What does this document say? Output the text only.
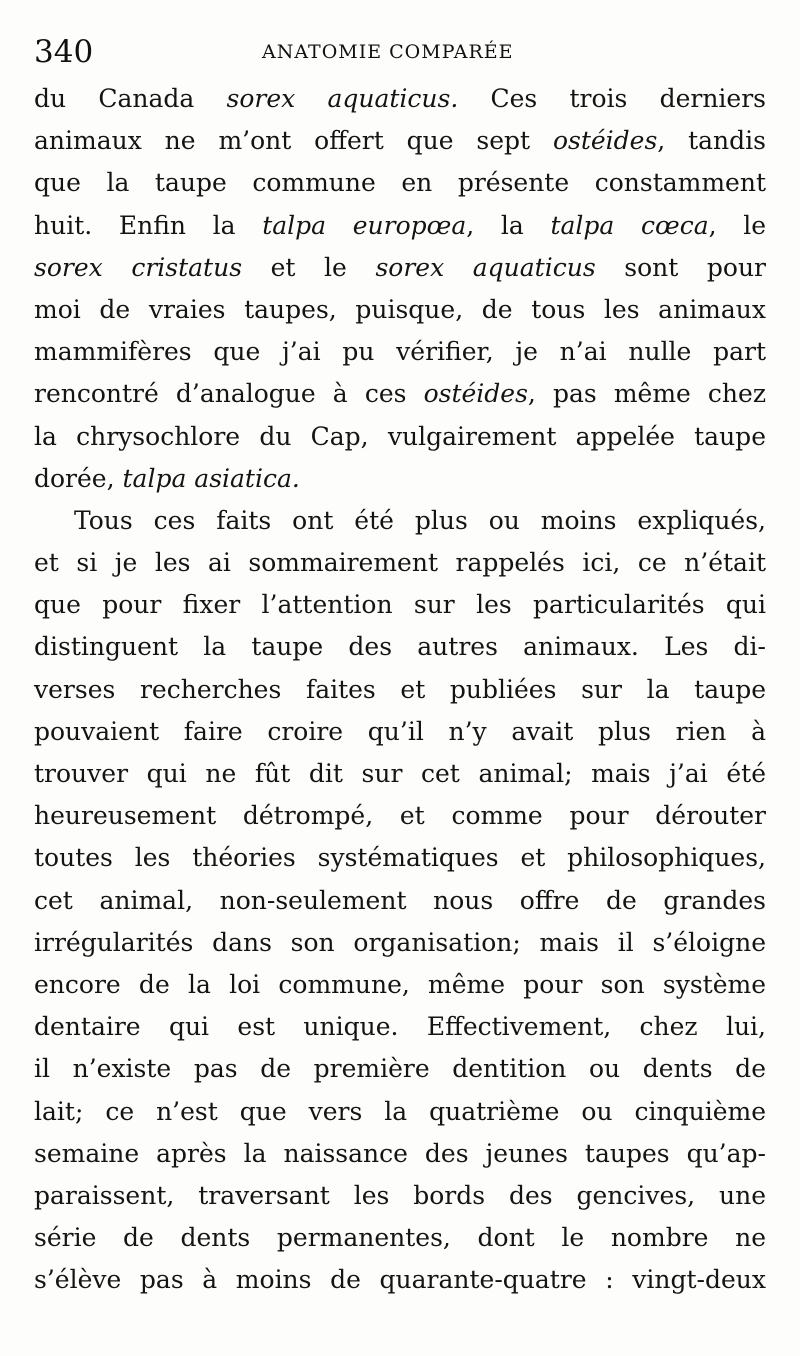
340	ANATOMIE COMPARÉE
du Canada sorex aquaticus. Ces trois derniers
animaux ne m’ont offert que sept ostéides, tandis
que la taupe commune en présente constamment
huit. Enfin la talpa europœa, la talpa cœca, le
sorex cristatus et le sorex aquaticus sont pour
moi de vraies taupes, puisque, de tous les animaux
mammifères que j’ai pu vérifier, je n’ai nulle part
rencontré d’analogue à ces ostéides, pas même chez
la chrysochlore du Cap, vulgairement appelée taupe
dorée, talpa asiatica.
Tous ces faits ont été plus ou moins expliqués,
et si je les ai sommairement rappelés ici, ce n’était
que pour fixer l’attention sur les particularités qui
distinguent la taupe des autres animaux. Les di-
verses recherches faites et publiées sur la taupe
pouvaient faire croire qu’il n’y avait plus rien à
trouver qui ne fût dit sur cet animal; mais j’ai été
heureusement détrompé, et comme pour dérouter
toutes les théories systématiques et philosophiques,
cet animal, non-seulement nous offre de grandes
irrégularités dans son organisation; mais il s’éloigne
encore de la loi commune, même pour son système
dentaire qui est unique. Effectivement, chez lui,
il n’existe pas de première dentition ou dents de
lait; ce n’est que vers la quatrième ou cinquième
semaine après la naissance des jeunes taupes qu’ap-
paraissent, traversant les bords des gencives, une
série de dents permanentes, dont le nombre ne
s’élève pas à moins de quarante-quatre : vingt-deux
